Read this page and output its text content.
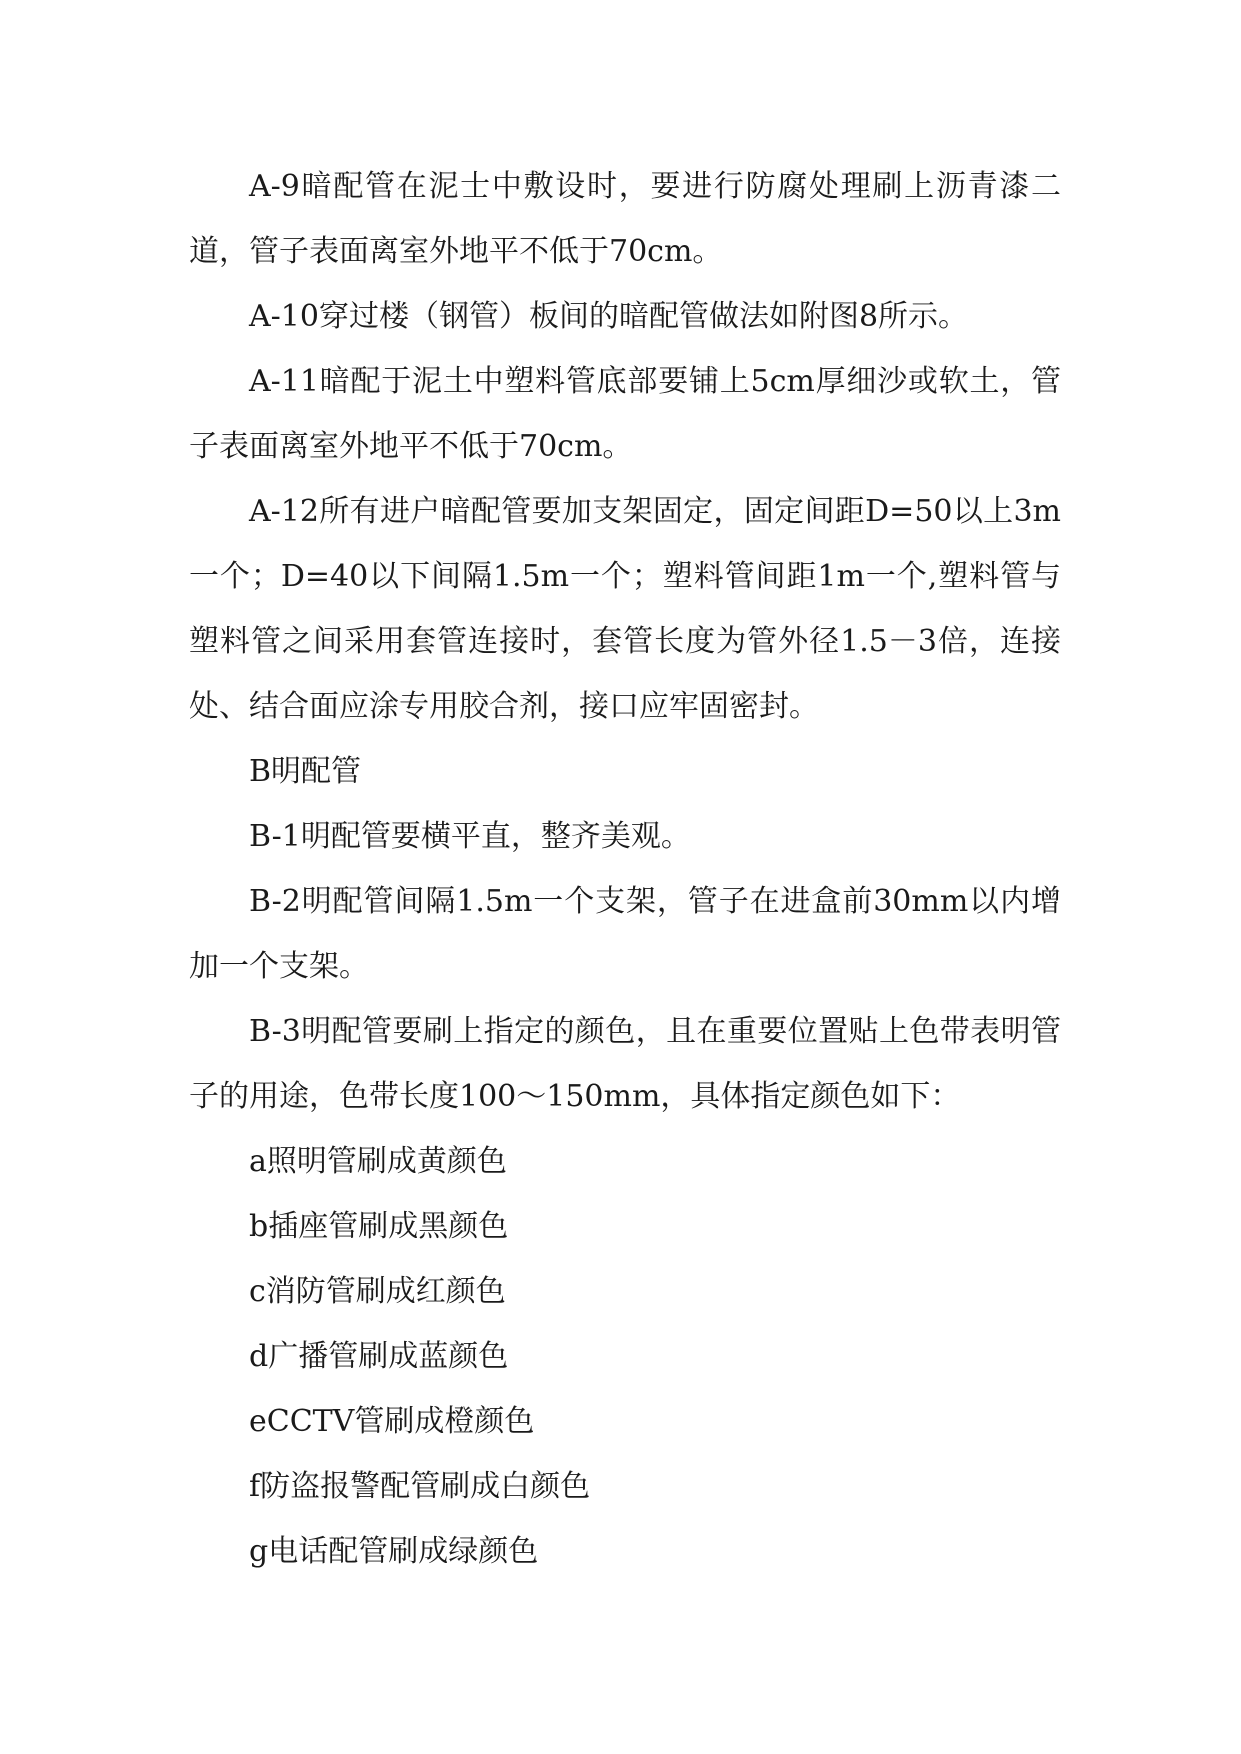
A-9暗配管在泥士中敷设时，要进行防腐处理刷上沥青漆二道，管子表面离室外地平不低于70cm。

A-10穿过楼（钢管）板间的暗配管做法如附图8所示。

A-11暗配于泥土中塑料管底部要铺上5cm厚细沙或软土，管子表面离室外地平不低于70cm。

A-12所有进户暗配管要加支架固定，固定间距D=50以上3m一个；D=40以下间隔1.5m一个；塑料管间距1m一个,塑料管与塑料管之间采用套管连接时，套管长度为管外径1.5－3倍，连接处、结合面应涂专用胶合剂，接口应牢固密封。

B明配管

B-1明配管要横平直，整齐美观。

B-2明配管间隔1.5m一个支架，管子在进盒前30mm以内增加一个支架。

B-3明配管要刷上指定的颜色，且在重要位置贴上色带表明管子的用途，色带长度100～150mm，具体指定颜色如下：

a照明管刷成黄颜色

b插座管刷成黑颜色

c消防管刷成红颜色

d广播管刷成蓝颜色

eCCTV管刷成橙颜色

f防盗报警配管刷成白颜色

g电话配管刷成绿颜色
